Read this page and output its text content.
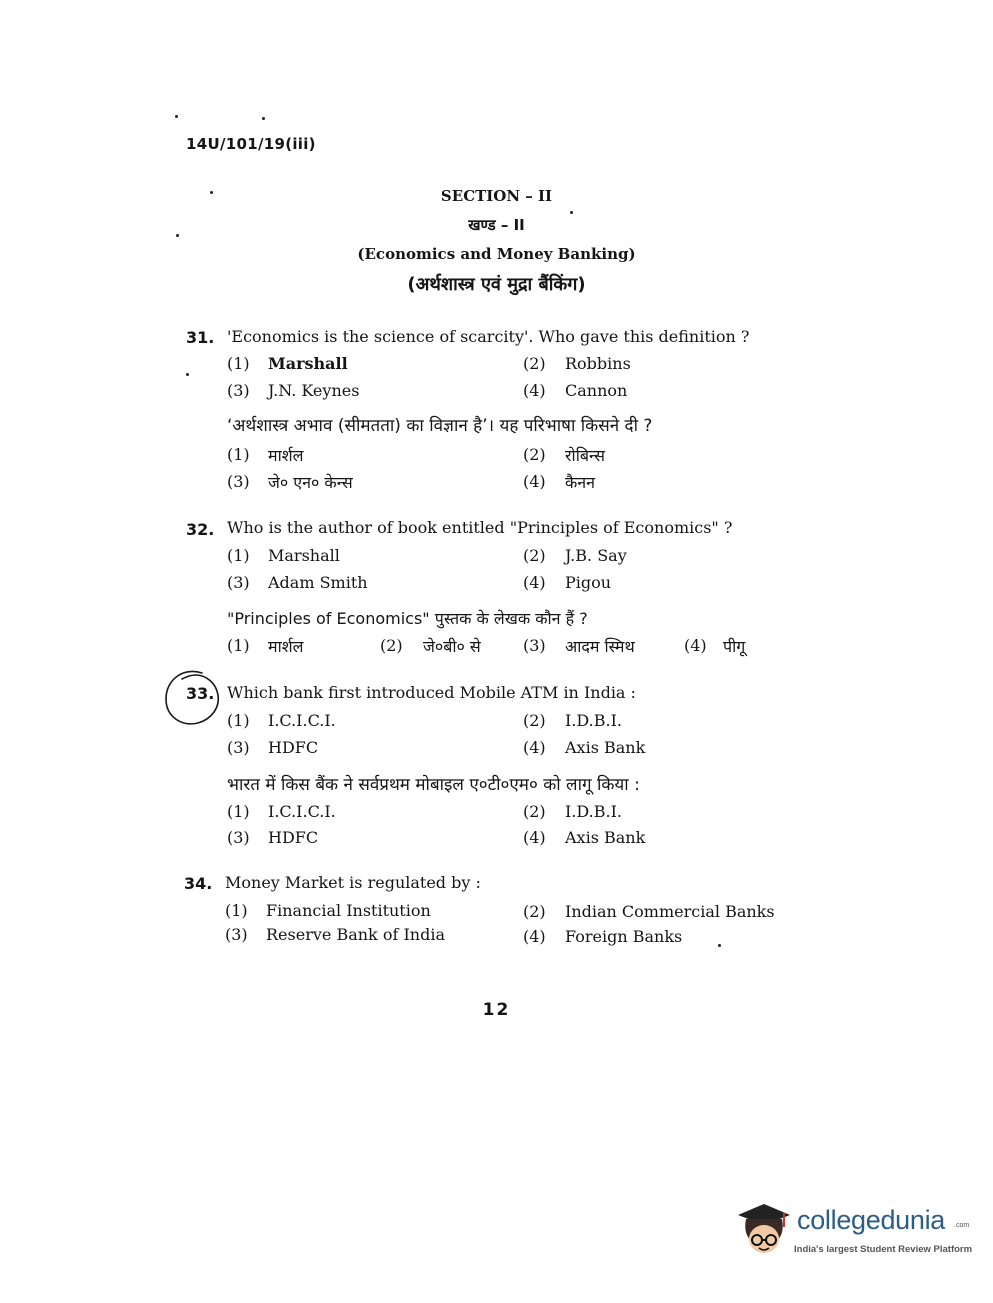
14U/101/19(iii)
SECTION – II
खण्ड – II
(Economics and Money Banking)
(अर्थशास्त्र एवं मुद्रा बैंकिंग)
31. 'Economics is the science of scarcity'. Who gave this definition ?
(1) Marshall	(2) Robbins
(3) J.N. Keynes	(4) Cannon
‘अर्थशास्त्र अभाव (सीमतता) का विज्ञान है’। यह परिभाषा किसने दी ?
(1) मार्शल	(2) रोबिन्स
(3) जे० एन० केन्स	(4) कैनन
32. Who is the author of book entitled "Principles of Economics" ?
(1) Marshall	(2) J.B. Say
(3) Adam Smith	(4) Pigou
"Principles of Economics" पुस्तक के लेखक कौन हैं ?
(1) मार्शल	(2) जे०बी० से	(3) आदम स्मिथ	(4) पीगू
33. Which bank first introduced Mobile ATM in India :
(1) I.C.I.C.I.	(2) I.D.B.I.
(3) HDFC	(4) Axis Bank
भारत में किस बैंक ने सर्वप्रथम मोबाइल ए०टी०एम० को लागू किया :
(1) I.C.I.C.I.	(2) I.D.B.I.
(3) HDFC	(4) Axis Bank
34. Money Market is regulated by :
(1) Financial Institution	(2) Indian Commercial Banks
(3) Reserve Bank of India	(4) Foreign Banks
12
collegedunia .com
India's largest Student Review Platform
